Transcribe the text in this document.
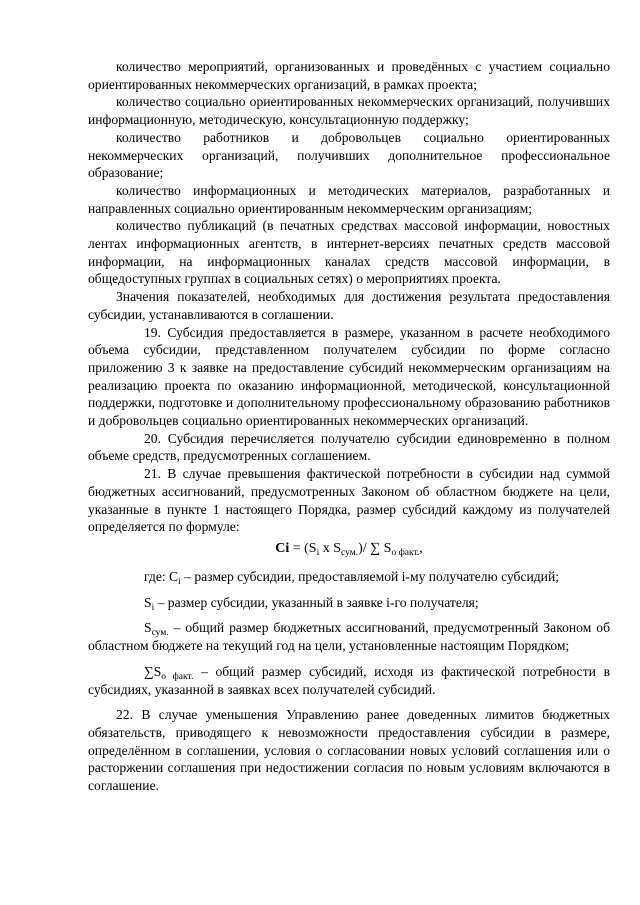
количество мероприятий, организованных и проведённых с участием социально ориентированных некоммерческих организаций, в рамках проекта;

количество социально ориентированных некоммерческих организаций, получивших информационную, методическую, консультационную поддержку;

количество работников и добровольцев социально ориентированных некоммерческих организаций, получивших дополнительное профессиональное образование;

количество информационных и методических материалов, разработанных и направленных социально ориентированным некоммерческим организациям;

количество публикаций (в печатных средствах массовой информации, новостных лентах информационных агентств, в интернет-версиях печатных средств массовой информации, на информационных каналах средств массовой информации, в общедоступных группах в социальных сетях) о мероприятиях проекта.

Значения показателей, необходимых для достижения результата предоставления субсидии, устанавливаются в соглашении.

19. Субсидия предоставляется в размере, указанном в расчете необходимого объема субсидии, представленном получателем субсидии по форме согласно приложению 3 к заявке на предоставление субсидий некоммерческим организациям на реализацию проекта по оказанию информационной, методической, консультационной поддержки, подготовке и дополнительному профессиональному образованию работников и добровольцев социально ориентированных некоммерческих организаций.

20. Субсидия перечисляется получателю субсидии единовременно в полном объеме средств, предусмотренных соглашением.

21. В случае превышения фактической потребности в субсидии над суммой бюджетных ассигнований, предусмотренных Законом об областном бюджете на цели, указанные в пункте 1 настоящего Порядка, размер субсидий каждому из получателей определяется по формуле:

$Ci = (S_i$ x $S_{сум.})/$ ∑ $S_{о факт.}$,

где: $C_i$ – размер субсидии, предоставляемой i-му получателю субсидий;

$S_i$ – размер субсидии, указанный в заявке i-го получателя;

$S_{сум.}$ – общий размер бюджетных ассигнований, предусмотренный Законом об областном бюджете на текущий год на цели, установленные настоящим Порядком;

$\sum S_{о факт.}$ – общий размер субсидий, исходя из фактической потребности в субсидиях, указанной в заявках всех получателей субсидий.

22. В случае уменьшения Управлению ранее доведенных лимитов бюджетных обязательств, приводящего к невозможности предоставления субсидии в размере, определённом в соглашении, условия о согласовании новых условий соглашения или о расторжении соглашения при недостижении согласия по новым условиям включаются в соглашение.
